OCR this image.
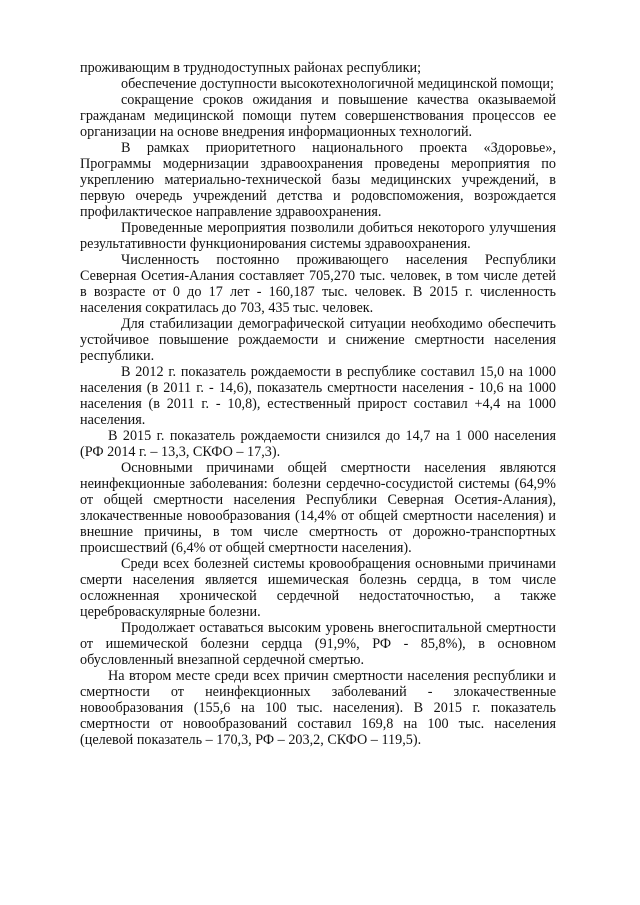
проживающим в труднодоступных районах республики;

обеспечение доступности высокотехнологичной медицинской помощи;

сокращение сроков ожидания и повышение качества оказываемой гражданам медицинской помощи путем совершенствования процессов ее организации на основе внедрения информационных технологий.

В рамках приоритетного национального проекта «Здоровье», Программы модернизации здравоохранения проведены мероприятия по укреплению материально-технической базы медицинских учреждений, в первую очередь учреждений детства и родовспоможения, возрождается профилактическое направление здравоохранения.

Проведенные мероприятия позволили добиться некоторого улучшения результативности функционирования системы здравоохранения.

Численность постоянно проживающего населения Республики Северная Осетия-Алания составляет 705,270 тыс. человек, в том числе детей в возрасте от 0 до 17 лет - 160,187 тыс. человек. В 2015 г. численность населения сократилась до 703, 435 тыс. человек.

Для стабилизации демографической ситуации необходимо обеспечить устойчивое повышение рождаемости и снижение смертности населения республики.

В 2012 г. показатель рождаемости в республике составил 15,0 на 1000 населения (в 2011 г. - 14,6), показатель смертности населения - 10,6 на 1000 населения (в 2011 г. - 10,8), естественный прирост составил +4,4 на 1000 населения.

В 2015 г. показатель рождаемости снизился до 14,7 на 1 000 населения (РФ 2014 г. – 13,3, СКФО – 17,3).

Основными причинами общей смертности населения являются неинфекционные заболевания: болезни сердечно-сосудистой системы (64,9% от общей смертности населения Республики Северная Осетия-Алания), злокачественные новообразования (14,4% от общей смертности населения) и внешние причины, в том числе смертность от дорожно-транспортных происшествий (6,4% от общей смертности населения).

Среди всех болезней системы кровообращения основными причинами смерти населения является ишемическая болезнь сердца, в том числе осложненная хронической сердечной недостаточностью, а также цереброваскулярные болезни.

Продолжает оставаться высоким уровень внегоспитальной смертности от ишемической болезни сердца (91,9%, РФ - 85,8%), в основном обусловленный внезапной сердечной смертью.

На втором месте среди всех причин смертности населения республики и смертности от неинфекционных заболеваний - злокачественные новообразования (155,6 на 100 тыс. населения). В 2015 г. показатель смертности от новообразований составил 169,8 на 100 тыс. населения (целевой показатель – 170,3, РФ – 203,2, СКФО – 119,5).
